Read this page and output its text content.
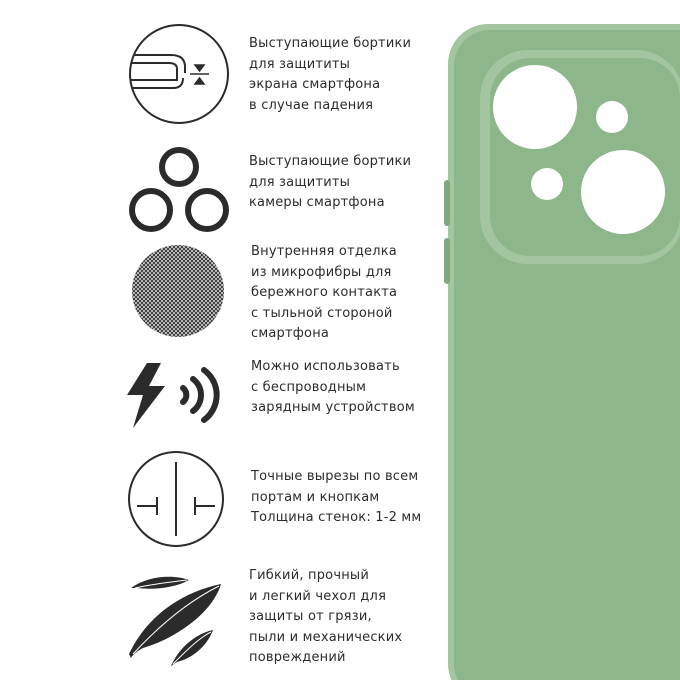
Выступающие бортики
для защититы
экрана смартфона
в случае падения
Выступающие бортики
для защититы
камеры смартфона
Внутренняя отделка
из микрофибры для
бережного контакта
с тыльной стороной
смартфона
Можно использовать
с беспроводным
зарядным устройством
Точные вырезы по всем
портам и кнопкам
Толщина стенок: 1-2 мм
Гибкий, прочный
и легкий чехол для
защиты от грязи,
пыли и механических
повреждений
